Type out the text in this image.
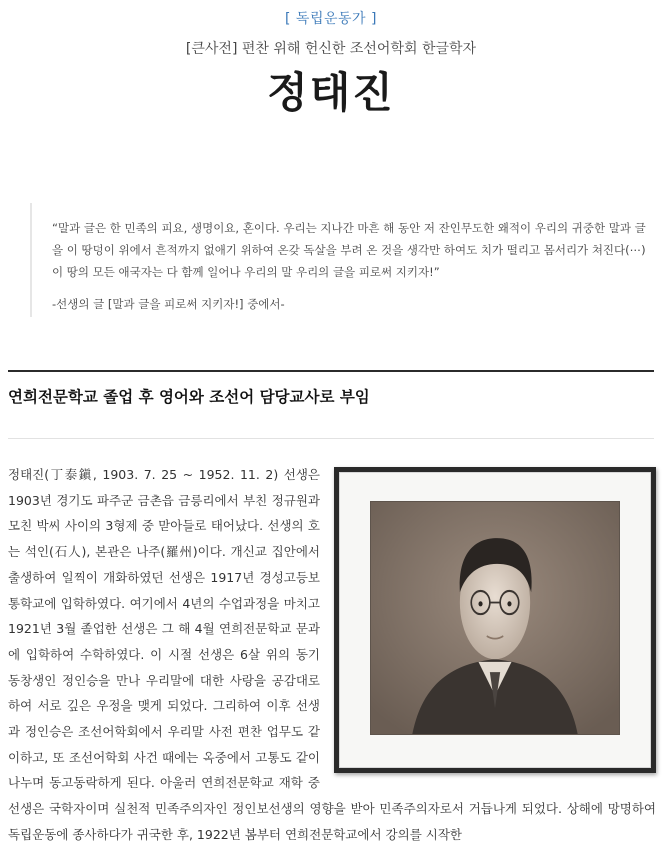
[ 독립운동가 ]
[큰사전] 편찬 위해 헌신한 조선어학회 한글학자
정태진

“말과 글은 한 민족의 피요, 생명이요, 혼이다. 우리는 지나간 마흔 해 동안 저 잔인무도한 왜적이 우리의 귀중한 말과 글을 이 땅덩이 위에서 흔적까지 없애기 위하여 온갖 독살을 부려 온 것을 생각만 하여도 치가 떨리고 몸서리가 쳐진다(⋯)이 땅의 모든 애국자는 다 함께 일어나 우리의 말 우리의 글을 피로써 지키자!”

-선생의 글 [말과 글을 피로써 지키자!] 중에서-

연희전문학교 졸업 후 영어와 조선어 담당교사로 부임
정태진(丁泰鎭, 1903. 7. 25 ~ 1952. 11. 2) 선생은 1903년 경기도 파주군 금촌읍 금릉리에서 부친 정규원과 모친 박씨 사이의 3형제 중 맏아들로 태어났다. 선생의 호는 석인(石人), 본관은 나주(羅州)이다. 개신교 집안에서 출생하여 일찍이 개화하였던 선생은 1917년 경성고등보통학교에 입학하였다. 여기에서 4년의 수업과정을 마치고 1921년 3월 졸업한 선생은 그 해 4월 연희전문학교 문과에 입학하여 수학하였다. 이 시절 선생은 6살 위의 동기 동창생인 정인승을 만나 우리말에 대한 사랑을 공감대로 하여 서로 깊은 우정을 맺게 되었다. 그리하여 이후 선생과 정인승은 조선어학회에서 우리말 사전 편찬 업무도 같이하고, 또 조선어학회 사건 때에는 옥중에서 고통도 같이 나누며 동고동락하게 된다. 아울러 연희전문학교 재학 중 선생은 국학자이며 실천적 민족주의자인 정인보선생의 영향을 받아 민족주의자로서 거듭나게 되었다. 상해에 망명하여 독립운동에 종사하다가 귀국한 후, 1922년 봄부터 연희전문학교에서 강의를 시작한
